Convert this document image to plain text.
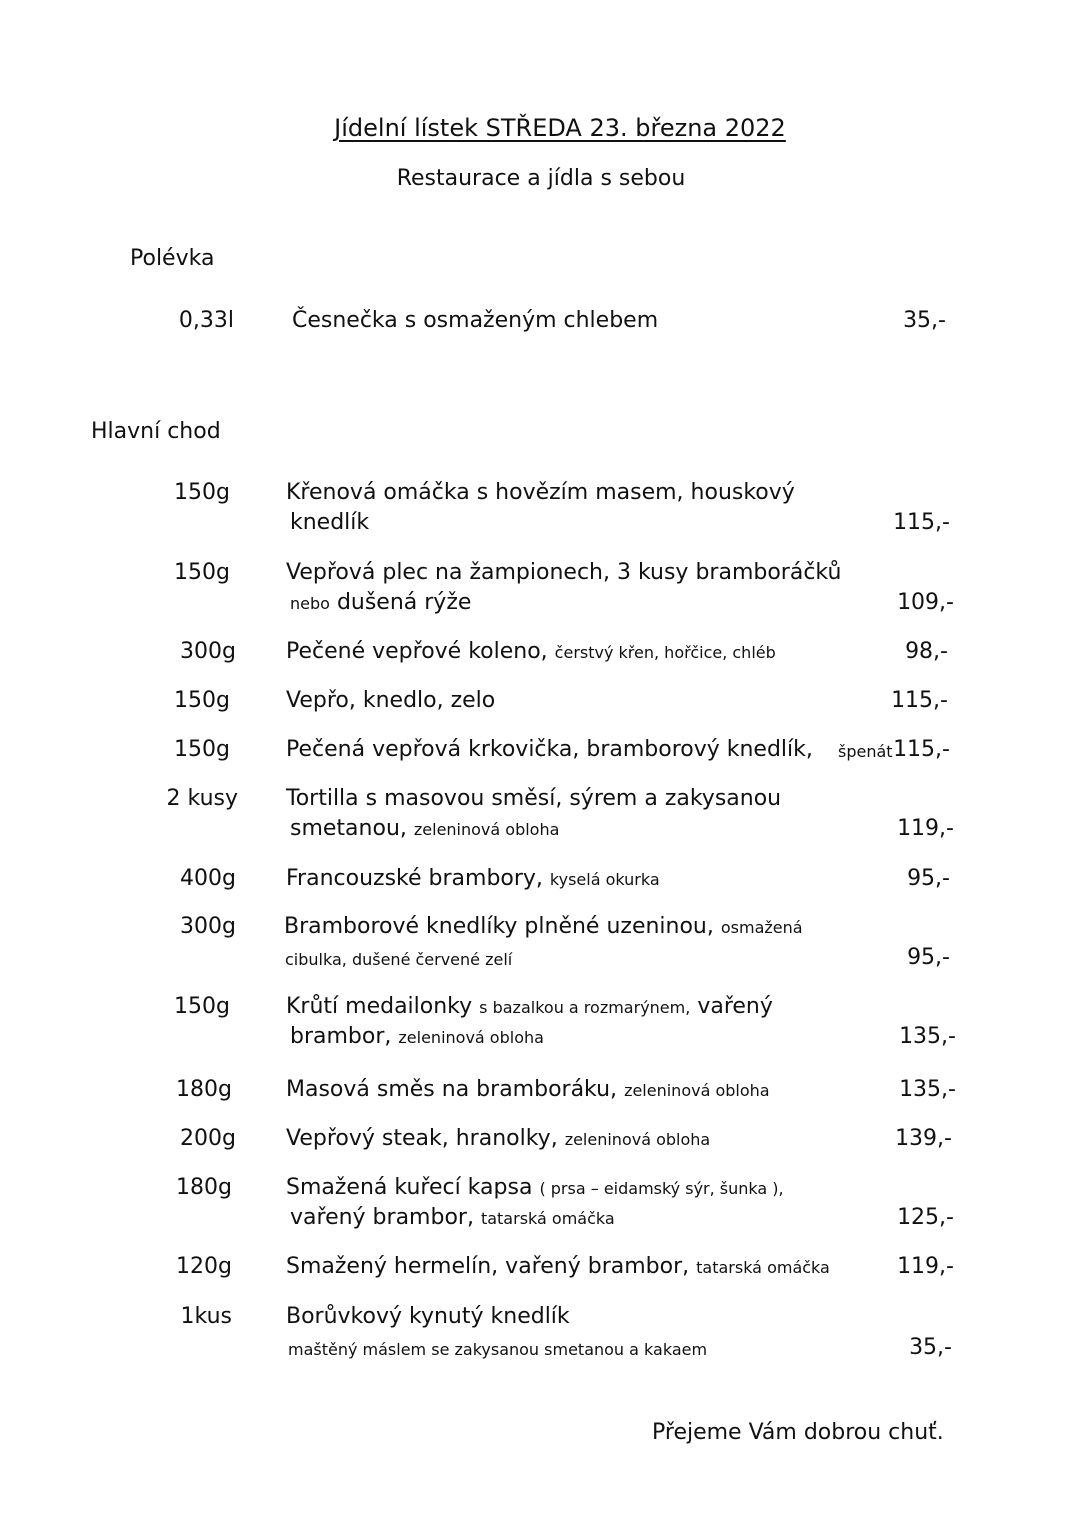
Jídelní lístek STŘEDA 23. března 2022
Restaurace a jídla s sebou
Polévka
0,33l	Česnečka s osmaženým chlebem	35,-
Hlavní chod
150g	Křenová omáčka s hovězím masem, houskový
knedlík	115,-
150g	Vepřová plec na žampionech, 3 kusy bramboráčků
nebo dušená rýže	109,-
300g Pečené vepřové koleno, čerstvý křen, hořčice, chléb	98,-
150g	Vepřo, knedlo, zelo	115,-
150g	Pečená vepřová krkovička, bramborový knedlík, špenát 115,-
2 kusy Tortilla s masovou směsí, sýrem a zakysanou
smetanou, zeleninová obloha	119,-
400g Francouzské brambory, kyselá okurka	95,-
300g Bramborové knedlíky plněné uzeninou, osmažená
cibulka, dušené červené zelí	95,-
150g	Krůtí medailonky s bazalkou a rozmarýnem, vařený
brambor, zeleninová obloha	135,-
180g Masová směs na bramboráku, zeleninová obloha	135,-
200g Vepřový steak, hranolky, zeleninová obloha	139,-
180g Smažená kuřecí kapsa ( prsa – eidamský sýr, šunka ),
vařený brambor, tatarská omáčka	125,-
120g Smažený hermelín, vařený brambor, tatarská omáčka	119,-
1kus Borůvkový kynutý knedlík
maštěný máslem se zakysanou smetanou a kakaem	35,-
Přejeme Vám dobrou chuť.
